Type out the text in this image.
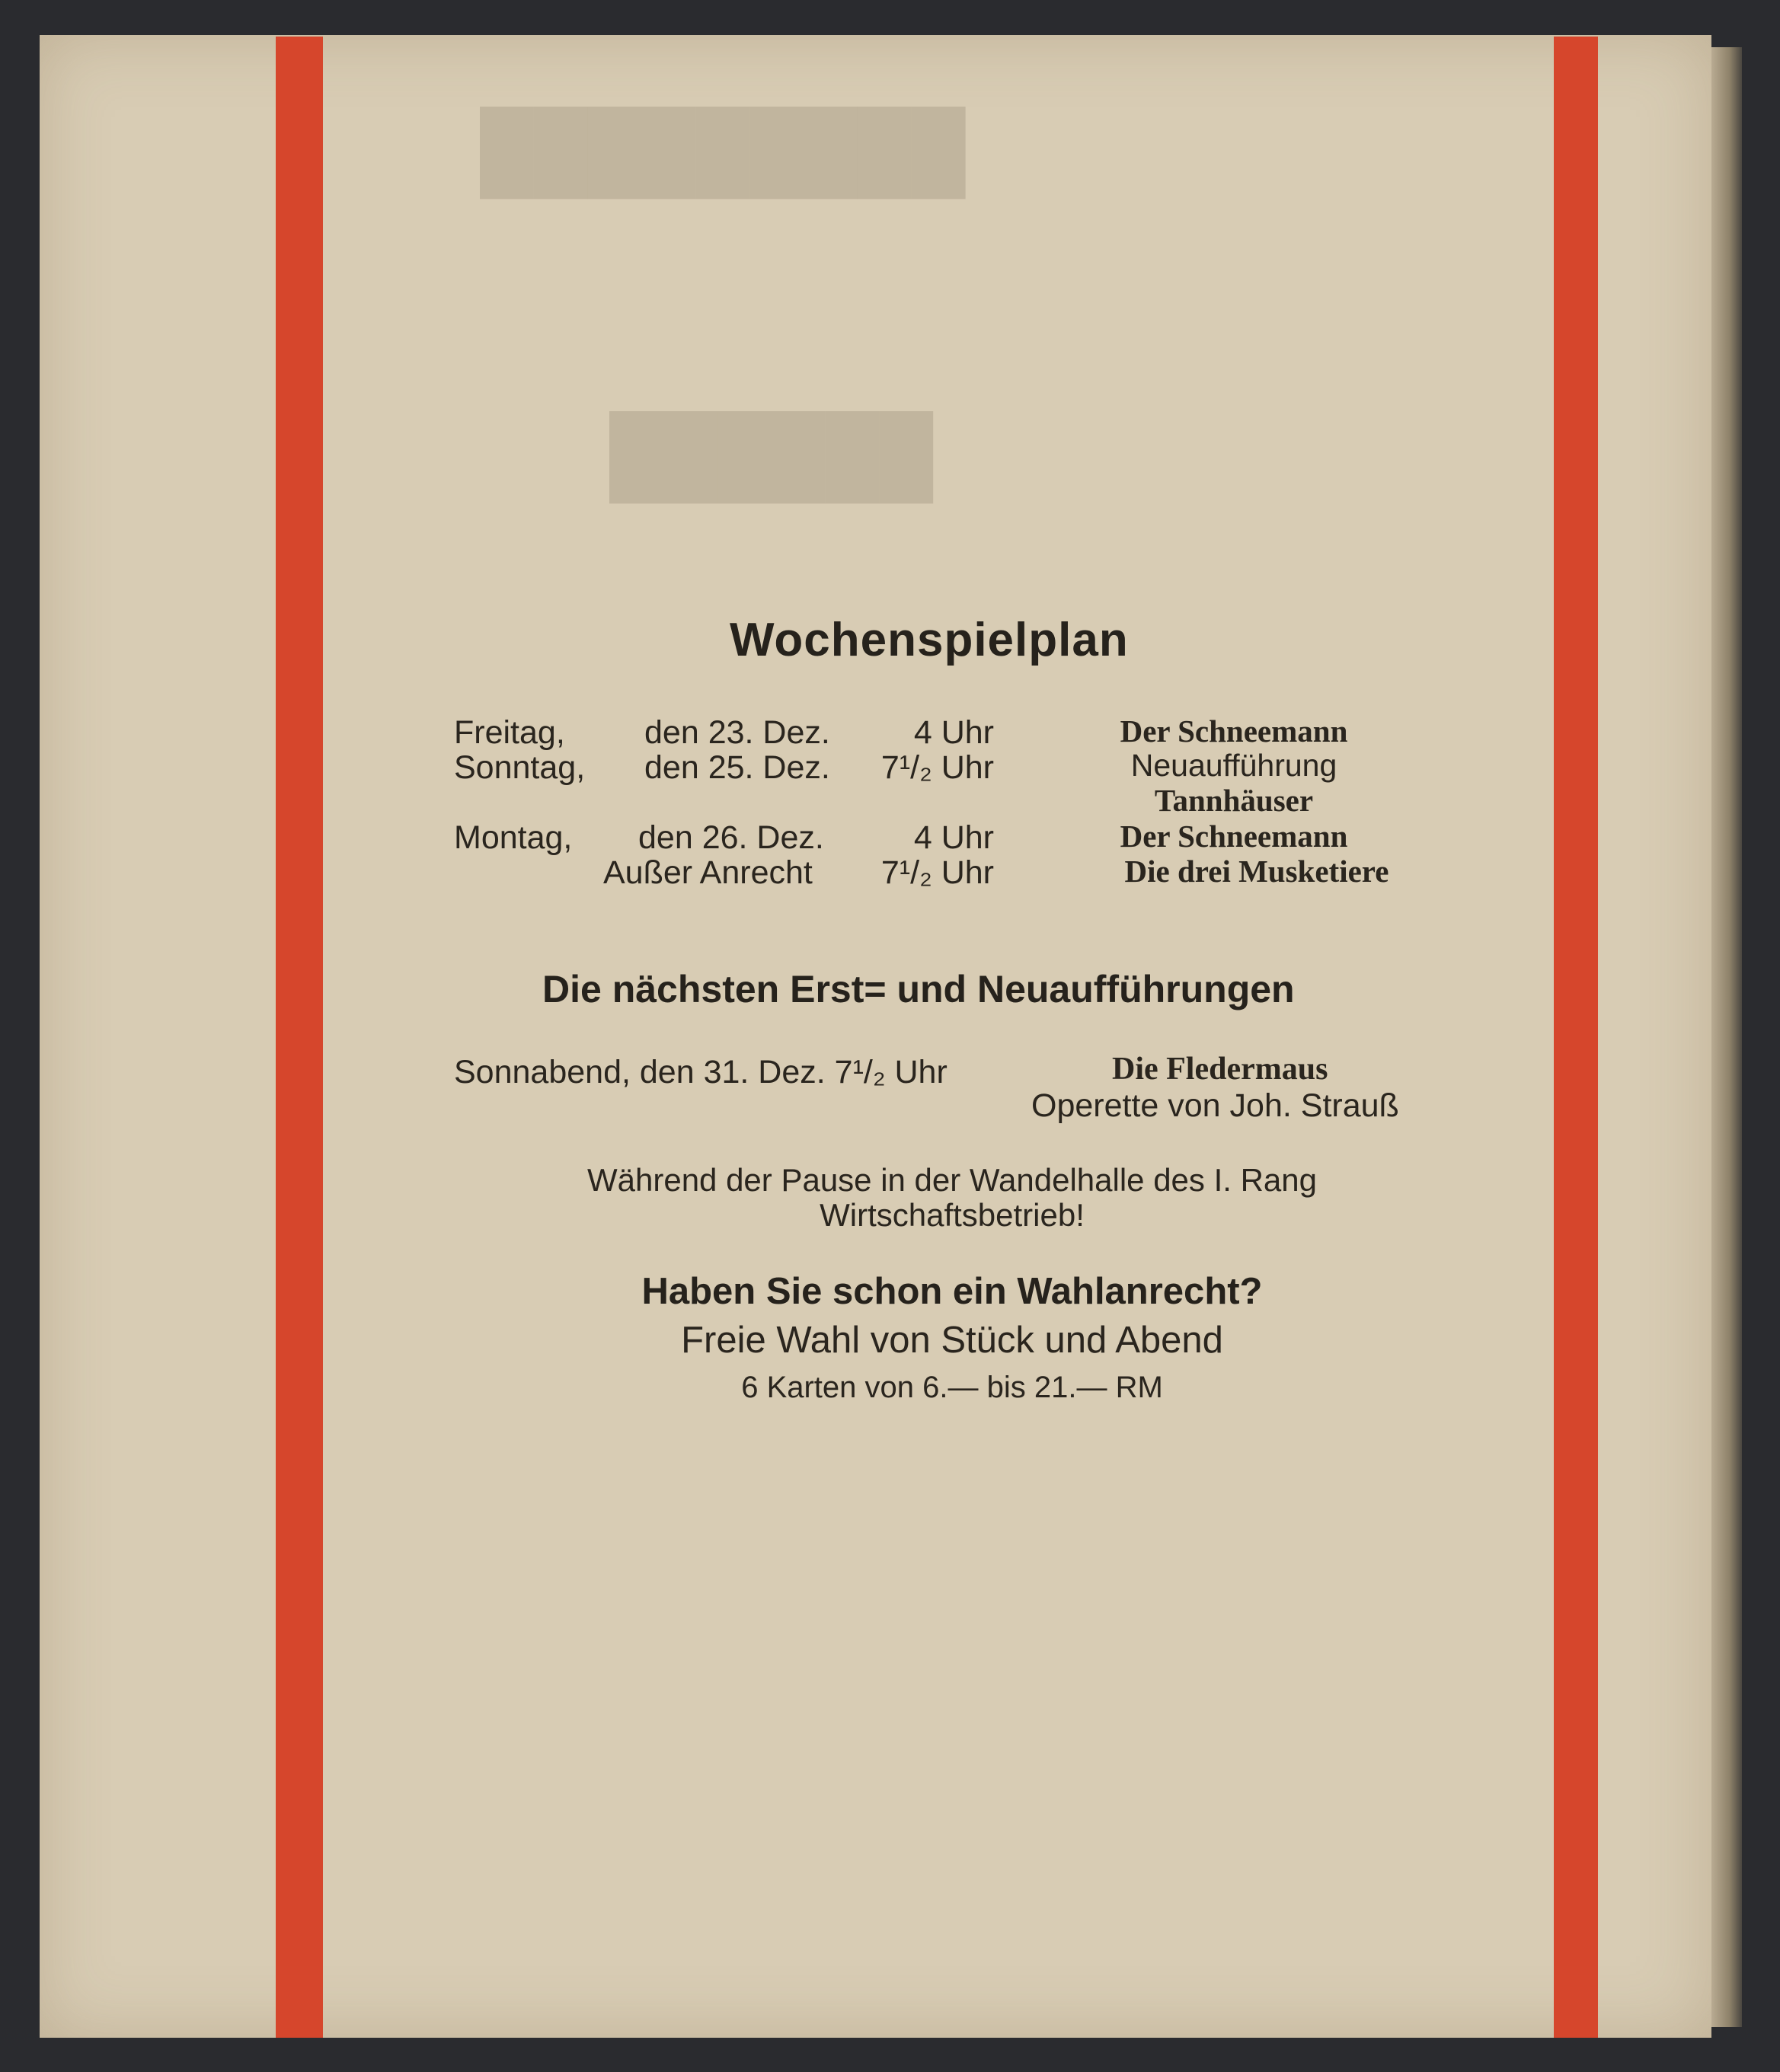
█████████
██████
Wochenspielplan
Freitag, den 23. Dez.	4 Uhr	Der Schneemann
Sonntag, den 25. Dez.	7¹/₂ Uhr	Neuaufführung
Tannhäuser
Montag, den 26. Dez.	4 Uhr	Der Schneemann
Außer Anrecht	7¹/₂ Uhr	Die drei Musketiere
Die nächsten Erst= und Neuaufführungen
Sonnabend, den 31. Dez. 7¹/₂ Uhr	Die Fledermaus
Operette von Joh. Strauß
Während der Pause in der Wandelhalle des I. Rang
Wirtschaftsbetrieb!
Haben Sie schon ein Wahlanrecht?
Freie Wahl von Stück und Abend
6 Karten von 6.— bis 21.— RM
